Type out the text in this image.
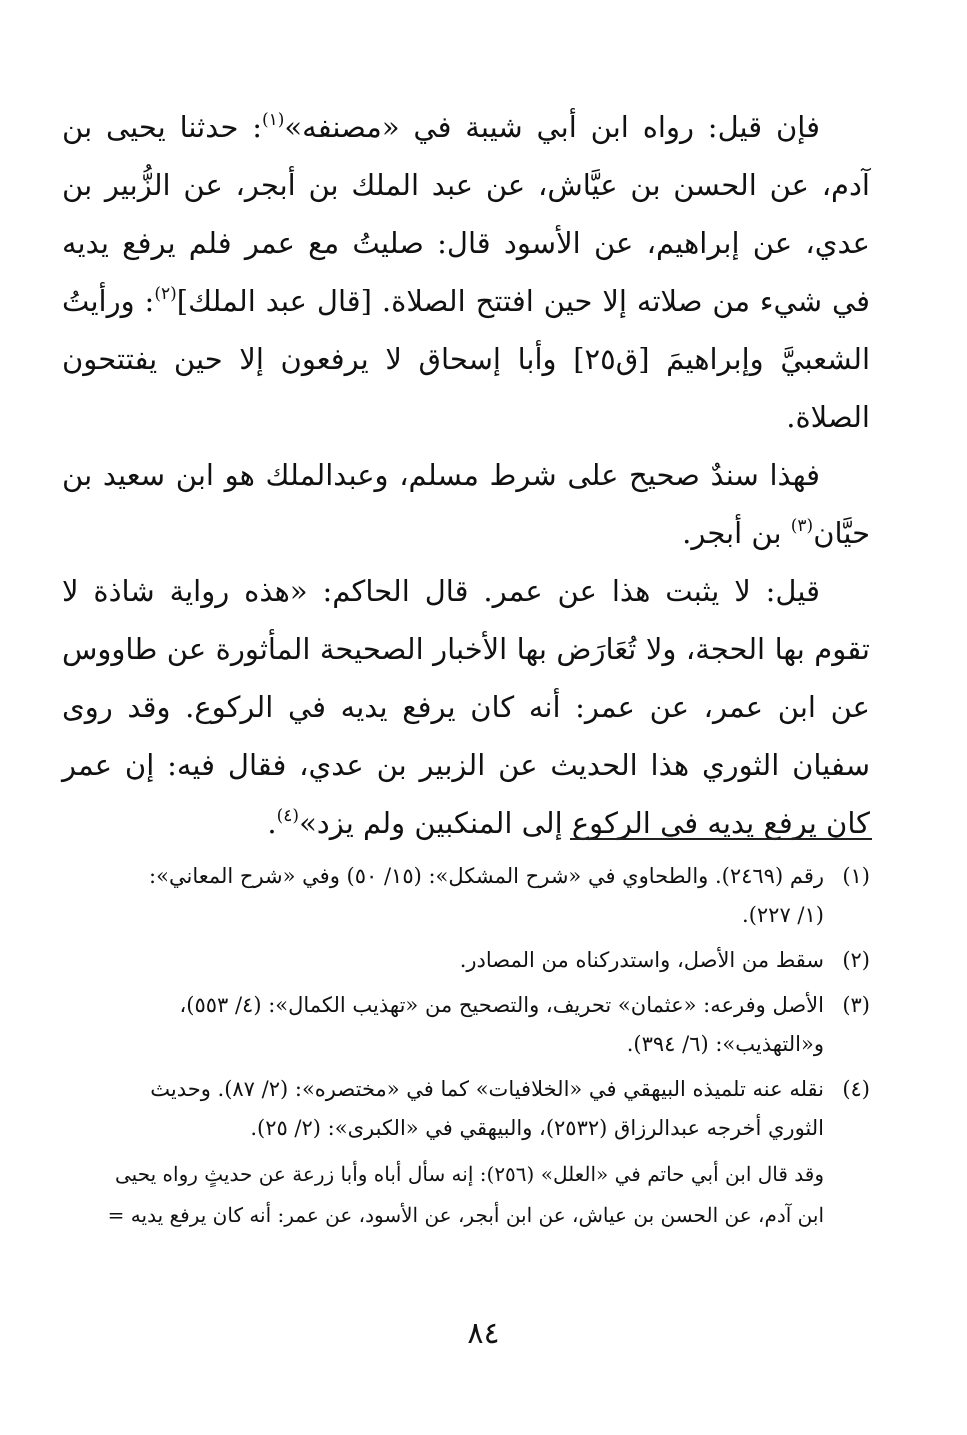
فإن قيل: رواه ابن أبي شيبة في «مصنفه»$^{(١)}$: حدثنا يحيى بن آدم، عن الحسن بن عيَّاش، عن عبد الملك بن أبجر، عن الزُّبير بن عدي، عن إبراهيم، عن الأسود قال: صليتُ مع عمر فلم يرفع يديه في شيء من صلاته إلا حين افتتح الصلاة. [قال عبد الملك]$^{(٢)}$: ورأيتُ الشعبيَّ وإبراهيمَ [ق٢٥] وأبا إسحاق لا يرفعون إلا حين يفتتحون الصلاة.

فهذا سندٌ صحيح على شرط مسلم، وعبدالملك هو ابن سعيد بن حيَّان$^{(٣)}$ بن أبجر.

قيل: لا يثبت هذا عن عمر. قال الحاكم: «هذه رواية شاذة لا تقوم بها الحجة، ولا تُعَارَض بها الأخبار الصحيحة المأثورة عن طاووس عن ابن عمر، عن عمر: أنه كان يرفع يديه في الركوع. وقد روى سفيان الثوري هذا الحديث عن الزبير بن عدي، فقال فيه: إن عمر كان يرفع يديه في الركوع إلى المنكبين ولم يزد»$^{(٤)}$.

(١)

رقم (٢٤٦٩). والطحاوي في «شرح المشكل»: (١٥/ ٥٠) وفي «شرح المعاني»:

(١/ ٢٢٧).

(٢)

سقط من الأصل، واستدركناه من المصادر.

(٣)

الأصل وفرعه: «عثمان» تحريف، والتصحيح من «تهذيب الكمال»: (٤/ ٥٥٣)،

و«التهذيب»: (٦/ ٣٩٤).

(٤)

نقله عنه تلميذه البيهقي في «الخلافيات» كما في «مختصره»: (٢/ ٨٧). وحديث

الثوري أخرجه عبدالرزاق (٢٥٣٢)، والبيهقي في «الكبرى»: (٢/ ٢٥).

وقد قال ابن أبي حاتم في «العلل» (٢٥٦): إنه سأل أباه وأبا زرعة عن حديثٍ رواه يحيى

ابن آدم، عن الحسن بن عياش، عن ابن أبجر، عن الأسود، عن عمر: أنه كان يرفع يديه =

٨٤
